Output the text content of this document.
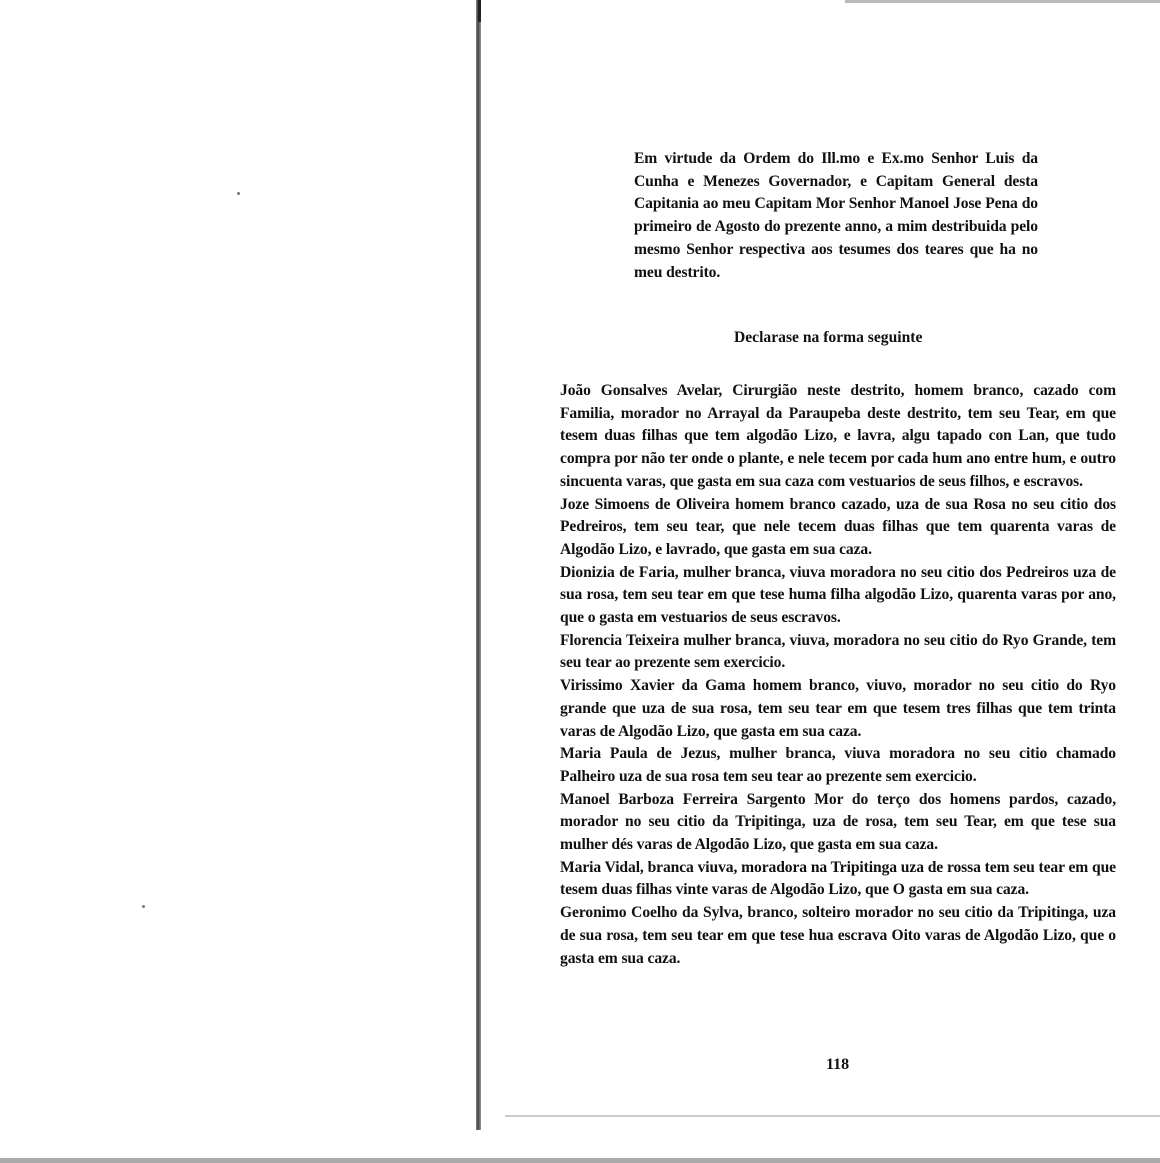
Em virtude da Ordem do Ill.mo e Ex.mo Senhor Luis da Cunha e Menezes Governador, e Capitam General desta Capitania ao meu Capitam Mor Senhor Manoel Jose Pena do primeiro de Agosto do prezente anno, a mim destribuida pelo mesmo Senhor respectiva aos tesumes dos teares que ha no meu destrito.
Declarase na forma seguinte
João Gonsalves Avelar, Cirurgião neste destrito, homem branco, cazado com Familia, morador no Arrayal da Paraupeba deste destrito, tem seu Tear, em que tesem duas filhas que tem algodão Lizo, e lavra, algu tapado con Lan, que tudo compra por não ter onde o plante, e nele tecem por cada hum ano entre hum, e outro sincuenta varas, que gasta em sua caza com vestuarios de seus filhos, e escravos.
Joze Simoens de Oliveira homem branco cazado, uza de sua Rosa no seu citio dos Pedreiros, tem seu tear, que nele tecem duas filhas que tem quarenta varas de Algodão Lizo, e lavrado, que gasta em sua caza.
Dionizia de Faria, mulher branca, viuva moradora no seu citio dos Pedreiros uza de sua rosa, tem seu tear em que tese huma filha algodão Lizo, quarenta varas por ano, que o gasta em vestuarios de seus escravos.
Florencia Teixeira mulher branca, viuva, moradora no seu citio do Ryo Grande, tem seu tear ao prezente sem exercicio.
Virissimo Xavier da Gama homem branco, viuvo, morador no seu citio do Ryo grande que uza de sua rosa, tem seu tear em que tesem tres filhas que tem trinta varas de Algodão Lizo, que gasta em sua caza.
Maria Paula de Jezus, mulher branca, viuva moradora no seu citio chamado Palheiro uza de sua rosa tem seu tear ao prezente sem exercicio.
Manoel Barboza Ferreira Sargento Mor do terço dos homens pardos, cazado, morador no seu citio da Tripitinga, uza de rosa, tem seu Tear, em que tese sua mulher dés varas de Algodão Lizo, que gasta em sua caza.
Maria Vidal, branca viuva, moradora na Tripitinga uza de rossa tem seu tear em que tesem duas filhas vinte varas de Algodão Lizo, que O gasta em sua caza.
Geronimo Coelho da Sylva, branco, solteiro morador no seu citio da Tripitinga, uza de sua rosa, tem seu tear em que tese hua escrava Oito varas de Algodão Lizo, que o gasta em sua caza.
118
